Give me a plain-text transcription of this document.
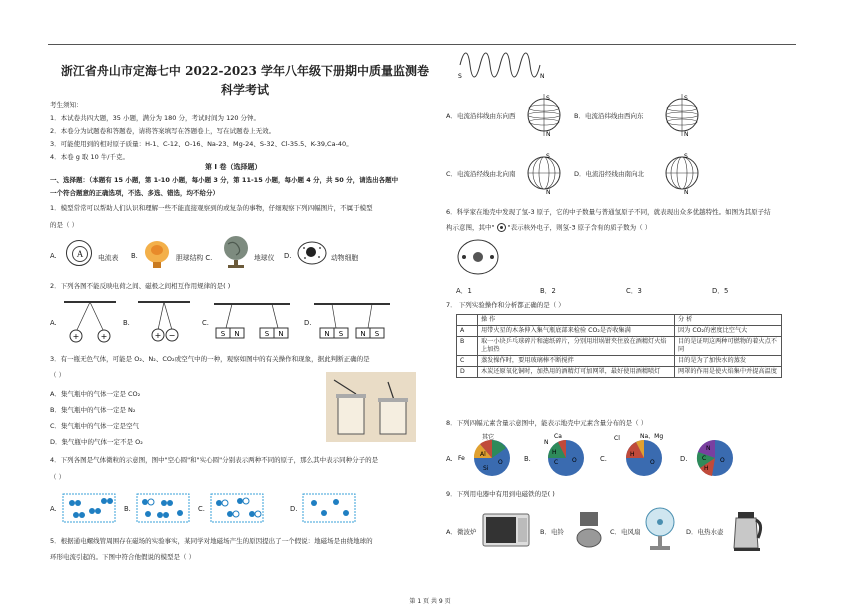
浙江省舟山市定海七中 2022-2023 学年八年级下册期中质量监测卷
科学考试
考生须知：
1．本试卷共四大题，35 小题，满分为 180 分，考试时间为 120 分钟。
2．本卷分为试题卷和答题卷，请将答案填写在答题卷上，写在试题卷上无效。
3．可能使用到的相对原子质量：H-1、C-12、O-16、Na-23、Mg-24、S-32、Cl-35.5、K-39,Ca-40。
4．本卷 g 取 10 牛/千克。
第 I 卷（选择题）
一、选择题：（本题有 15 小题，第 1-10 小题，每小题 3 分，第 11-15 小题，每小题 4 分，共 50 分，请选出各题中
一个符合题意的正确选项，不选、多选、错选，均不给分）
1．模型常常可以帮助人们认识和理解一些不能直接观察到的或复杂的事物，仔细观察下列四幅图片，不属于模型
的是（ ）
A.	A	电流表 B.	胆球结构 C.	地球仪 D.	动物细胞
2．下列各图不能反映电荷之间、磁极之间相互作用规律的是( )
A.
+	+
B.
+ −
C.
S N	S N
D.
N S N S
3．有一瓶无色气体，可能是 O₂、N₂、CO₂或空气中的一种，观察如图中的有关操作和现象，据此判断正确的是
（ ）
A．集气瓶中的气体一定是 CO₂
B．集气瓶中的气体一定是 N₂
C．集气瓶中的气体一定是空气
D．集气瓶中的气体一定不是 O₂
4．下列各图是气体微粒的示意图，图中"空心圆"和"实心圆"分别表示两种不同的原子，那么其中表示同种分子的是
（ ）
A.	B.	C.	D.
5．根据通电螺线管周围存在磁场的实验事实，某同学对地磁场产生的原因提出了一个假说：地磁场是由绕地球的
环形电流引起的。下图中符合他假说的模型是（ ）
S	N
S
N
A．电流沿纬线由东向西
S
N
B．电流沿纬线由西向东
S
N
C．电流沿经线由北向南
S
N
D．电流沿经线由南向北
6．科学家在地壳中发现了氢-3 原子，它的中子数量与普通氢原子不同，就表现出众多优越特性。如图为其原子结
构示意图，其中"
"表示核外电子，则氢-3 原子含有的质子数为（ ）
A．1	B．2	C．3	D．5
7． 下列实验操作和分析都正确的是（ ）
	操 作	分 析
A	用带火星的木条伸入集气瓶底部来检验 CO₂是否收集满	因为 CO₂的密度比空气大
B	取一小块乒乓球碎片和滤纸碎片，分别用坩埚钳夹住放在酒精灯火焰上加热	目的是证明这两种可燃物的着火点不同
C	蒸发操作时，要用玻璃棒不断搅拌	目的是为了加快水的蒸发
D	木炭还原氧化铜时，加热用的酒精灯可加网罩，最好使用酒精喷灯	网罩的作用是使火焰集中并提高温度
8．下列四幅元素含量示意图中，能表示地壳中元素含量分布的是（ ）
A. Fe
其它
Al
Si
O	B.
N
Ca
H
C O	C.
Cl	Na、Mg
H
O	D.
N
C
H
O
9．下列用电器中有用到电磁铁的是( )
A．微波炉	B．电铃	C．电风扇	D．电热水壶
第 1 页 共 9 页
